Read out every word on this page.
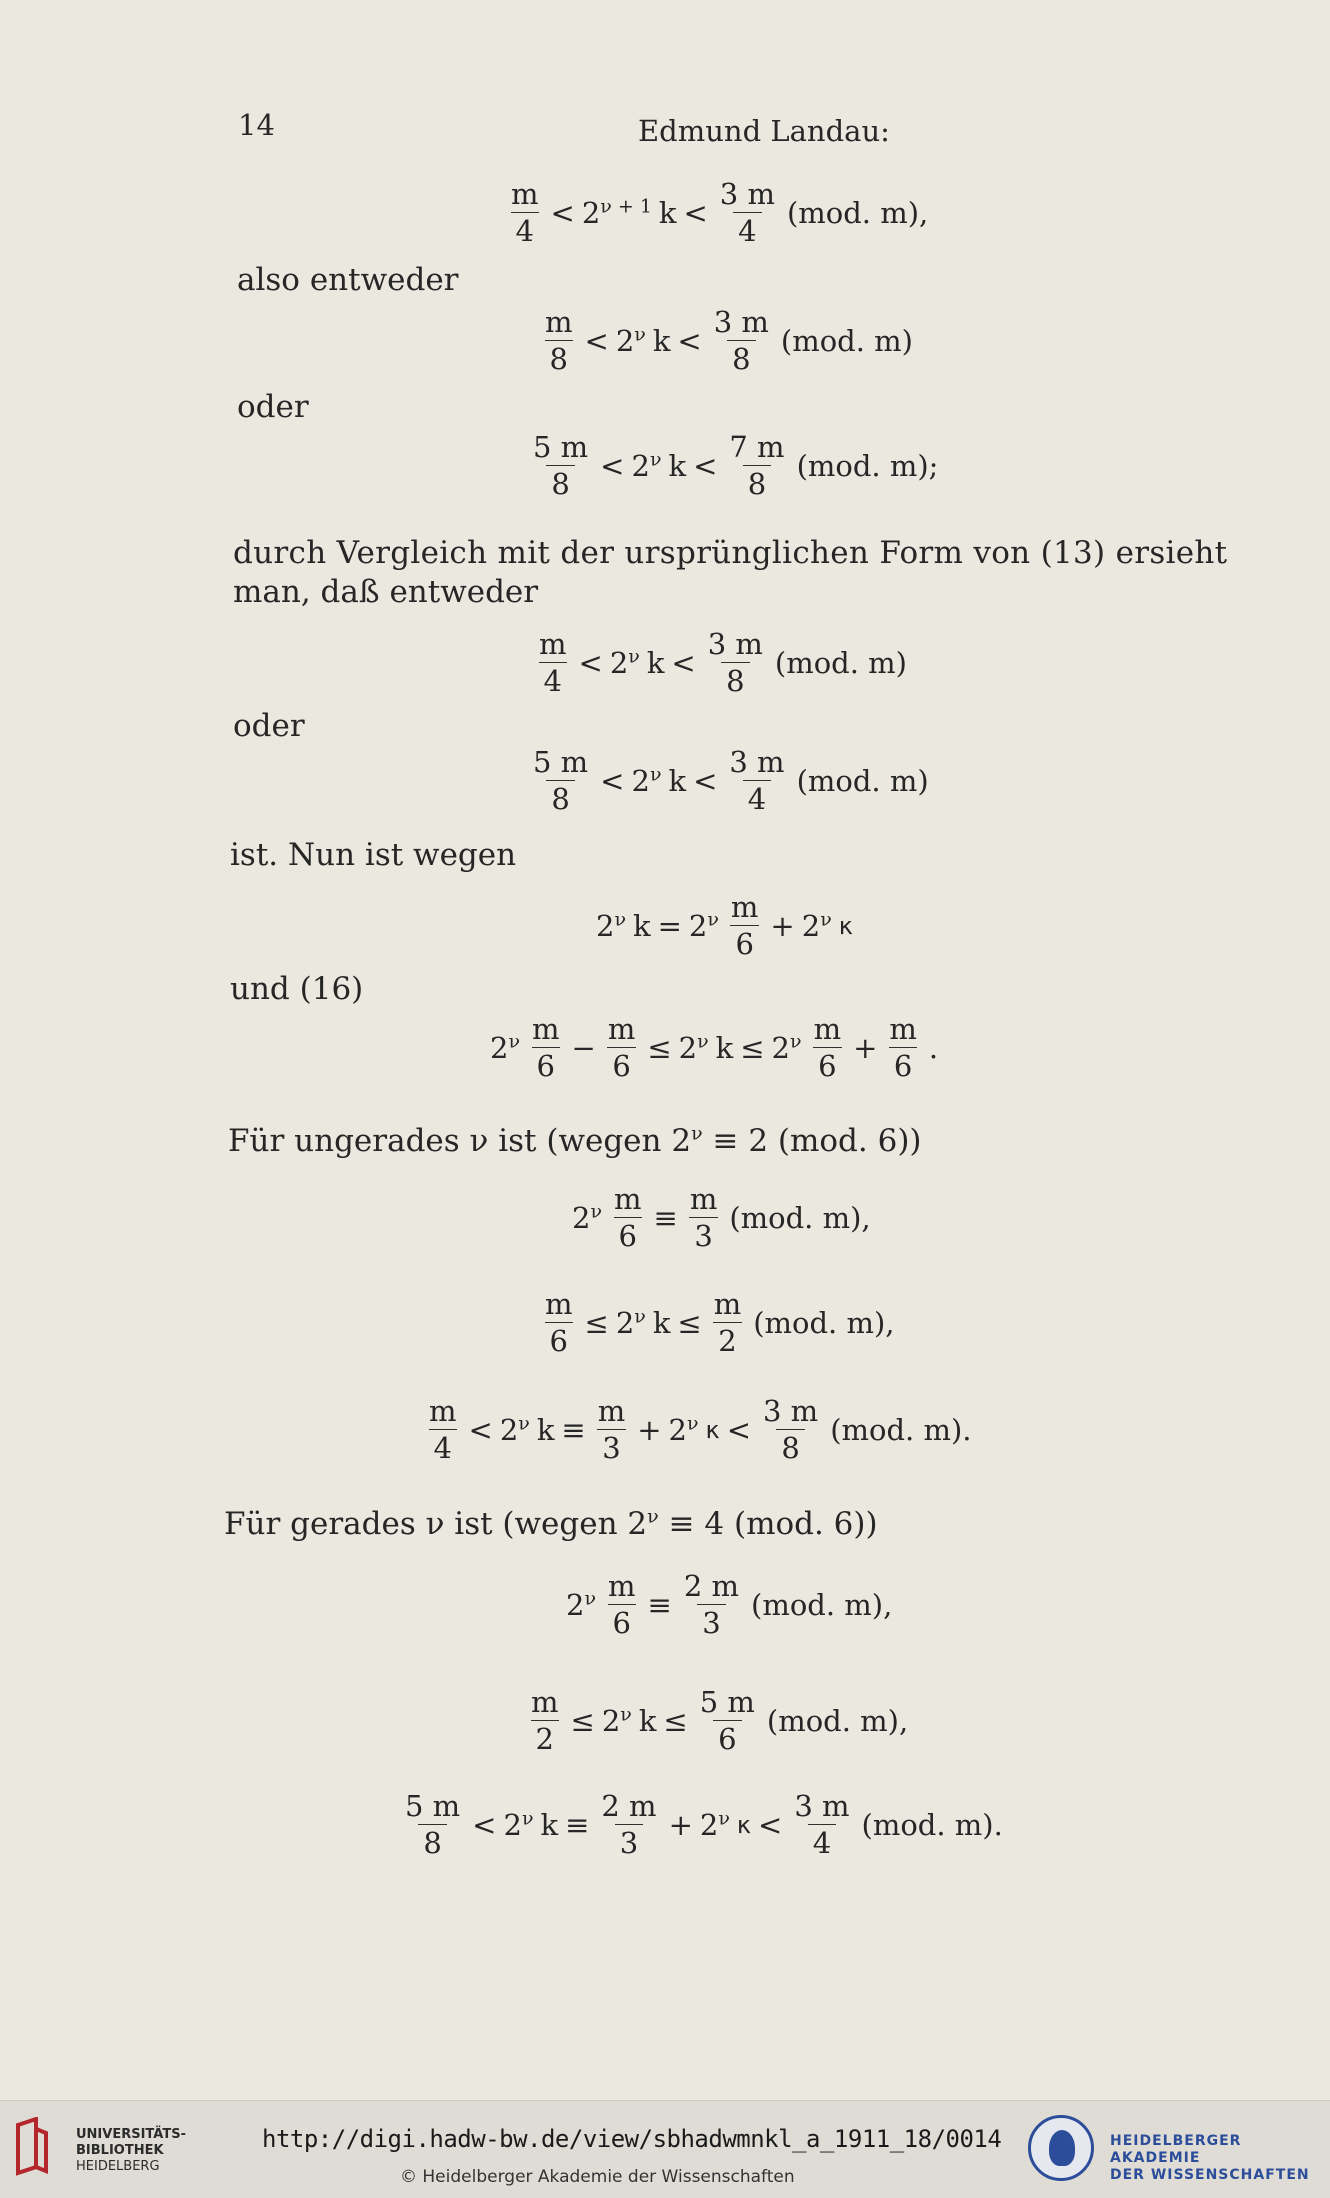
14	Edmund Landau:
m
4
< $2^{\nu + 1}$ k <
3 m
4
(mod. m),
also entweder
m
8
< $2^\nu$ k <
3 m
8
(mod. m)
oder
5 m
8
< $2^\nu$ k <
7 m
8
(mod. m);
durch Vergleich mit der ursprünglichen Form von (13) ersieht
man, daß entweder
m
4
< $2^\nu$ k <
3 m
8
(mod. m)
oder
5 m
8
< $2^\nu$ k <
3 m
4
(mod. m)
ist. Nun ist wegen
$2^\nu$ $k = 2^\nu$ m
6
+ $2^\nu$ κ
und (16)
$2^\nu$ m
6
− $\frac{m}{6} \le 2^\nu$ $k \le 2^\nu$ m
6
+ $\frac{m}{6}$ .
Für ungerades ν ist (wegen $2^\nu \equiv 2$ (mod. 6))
$2^\nu$ m
6
≡
m
3
(mod. m),
$\frac{m}{6} \le 2^\nu$ $k \le \frac{m}{2} (mod$. m),
m
4
< $2^\nu$ k ≡
m
3
+ $2^\nu$ κ <
3 m
8
(mod. m).
Für gerades ν ist (wegen $2^\nu \equiv 4$ (mod. 6))
$2^\nu$ m
6
≡
2 m
3
(mod. m),
$\frac{m}{2} \le 2^\nu$ $k \le \frac{5 m}{6} (mod$. m),
5 m
8
< $2^\nu$ k ≡
2 m
3
+ $2^\nu$ κ <
3 m
4
(mod. m).
UNIVERSITÄTS-
BIBLIOTHEK
HEIDELBERG
http://digi.hadw-bw.de/view/sbhadwmnkl_a_1911_18/0014
© Heidelberger Akademie der Wissenschaften
HEIDELBERGER AKADEMIE
DER WISSENSCHAFTEN
